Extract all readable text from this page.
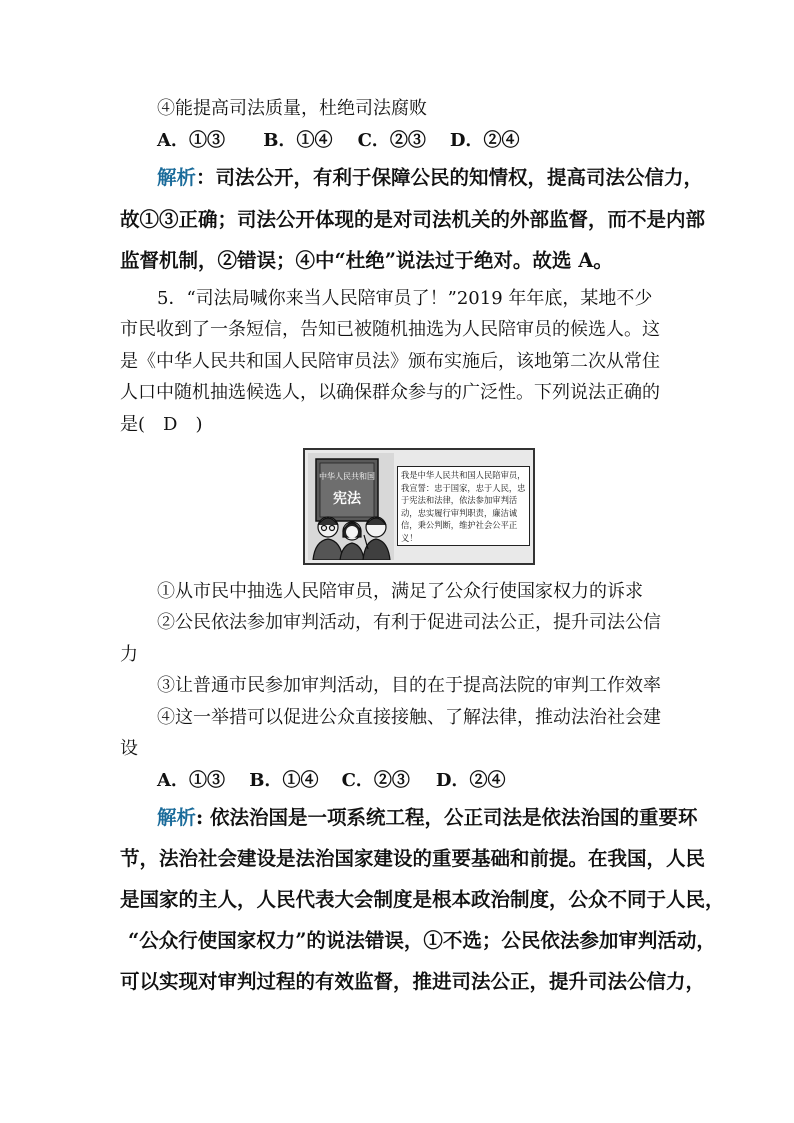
④能提高司法质量，杜绝司法腐败
A．①③ B．①④ C．②③ D．②④
解析：司法公开，有利于保障公民的知情权，提高司法公信力，
故①③正确；司法公开体现的是对司法机关的外部监督，而不是内部
监督机制，②错误；④中“杜绝”说法过于绝对。故选 A。
5．“司法局喊你来当人民陪审员了！”2019 年年底，某地不少
市民收到了一条短信，告知已被随机抽选为人民陪审员的候选人。这
是《中华人民共和国人民陪审员法》颁布实施后，该地第二次从常住
人口中随机抽选候选人，以确保群众参与的广泛性。下列说法正确的
是(　D　)
中华人民共和国
宪法
我是中华人民共和国人民陪审员，我宣誓：忠于国家，忠于人民，忠于宪法和法律，依法参加审判活动，忠实履行审判职责，廉洁诚信，秉公判断，维护社会公平正义！
①从市民中抽选人民陪审员，满足了公众行使国家权力的诉求
②公民依法参加审判活动，有利于促进司法公正，提升司法公信
力
③让普通市民参加审判活动，目的在于提高法院的审判工作效率
④这一举措可以促进公众直接接触、了解法律，推动法治社会建
设
A．①③ B．①④ C．②③ D．②④
解析: 依法治国是一项系统工程，公正司法是依法治国的重要环
节，法治社会建设是法治国家建设的重要基础和前提。在我国，人民
是国家的主人，人民代表大会制度是根本政治制度，公众不同于人民，
“公众行使国家权力”的说法错误，①不选；公民依法参加审判活动，
可以实现对审判过程的有效监督，推进司法公正，提升司法公信力，
